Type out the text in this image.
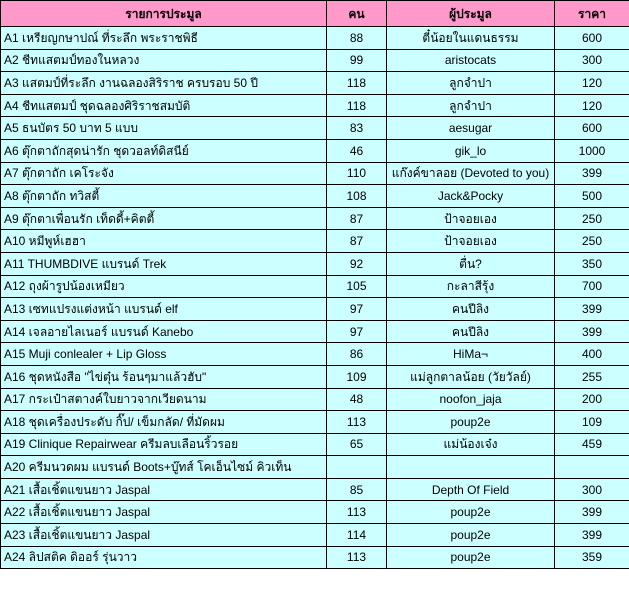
รายการประมูล	คน	ผู้ประมูล	ราคา
A1 เหรียญกษาปณ์ ที่ระลึก พระราชพิธี	88	ตี๋น้อยในแดนธรรม	600
A2 ชีทแสตมป์ทองในหลวง	99	aristocats	300
A3 แสตมป์ที่ระลึก งานฉลองสิริราช ครบรอบ 50 ปี	118	ลูกจำปา	120
A4 ชีทแสตมป์ ชุดฉลองศิริราชสมบัติ	118	ลูกจำปา	120
A5 ธนบัตร 50 บาท 5 แบบ	83	aesugar	600
A6 ตุ๊กตาถักสุดน่ารัก ชุดวอลท์ดิสนีย์	46	gik_lo	1000
A7 ตุ๊กตาถัก เคโระจัง	110	แก๊งค์ขาลอย (Devoted to you)	399
A8 ตุ๊กตาถัก ทวิสตี้	108	Jack&Pocky	500
A9 ตุ๊กตาเพื่อนรัก เท็ดดี้+คิตตี้	87	ป้าจอยเอง	250
A10 หมีพูห์เฮฮา	87	ป้าจอยเอง	250
A11 THUMBDIVE แบรนด์ Trek	92	ตื่น?	350
A12 ถุงผ้ารูปน้องเหมียว	105	กะลาสีรุ้ง	700
A13 เซทแปรงแต่งหน้า แบรนด์ elf	97	คนปีลิง	399
A14 เจลอายไลเนอร์ แบรนด์ Kanebo	97	คนปีลิง	399
A15 Muji conlealer + Lip Gloss	86	HiMa¬	400
A16 ชุดหนังสือ "ไข่ตุ๋น ร้อนๆมาแล้วฮับ"	109	แม่ลูกตาลน้อย (วัยวัลย์)	255
A17 กระเป๋าสตางค์ใบยาวจากเวียดนาม	48	noofon_jaja	200
A18 ชุดเครื่องประดับ กิ๊ป/ เข็มกลัด/ ที่มัดผม	113	poup2e	109
A19 Clinique Repairwear ครีมลบเลือนริ้วรอย	65	แม่น้องเจ๋ง	459
A20 ครีมนวดผม แบรนด์ Boots+บู๊ทส์ โคเอ็นไซม์ คิวเท็น			
A21 เสื้อเชิ้ตแขนยาว Jaspal	85	Depth Of Field	300
A22 เสื้อเชิ้ตแขนยาว Jaspal	113	poup2e	399
A23 เสื้อเชิ้ตแขนยาว Jaspal	114	poup2e	399
A24 ลิปสติค ดิออร์ รุ่นวาว	113	poup2e	359
